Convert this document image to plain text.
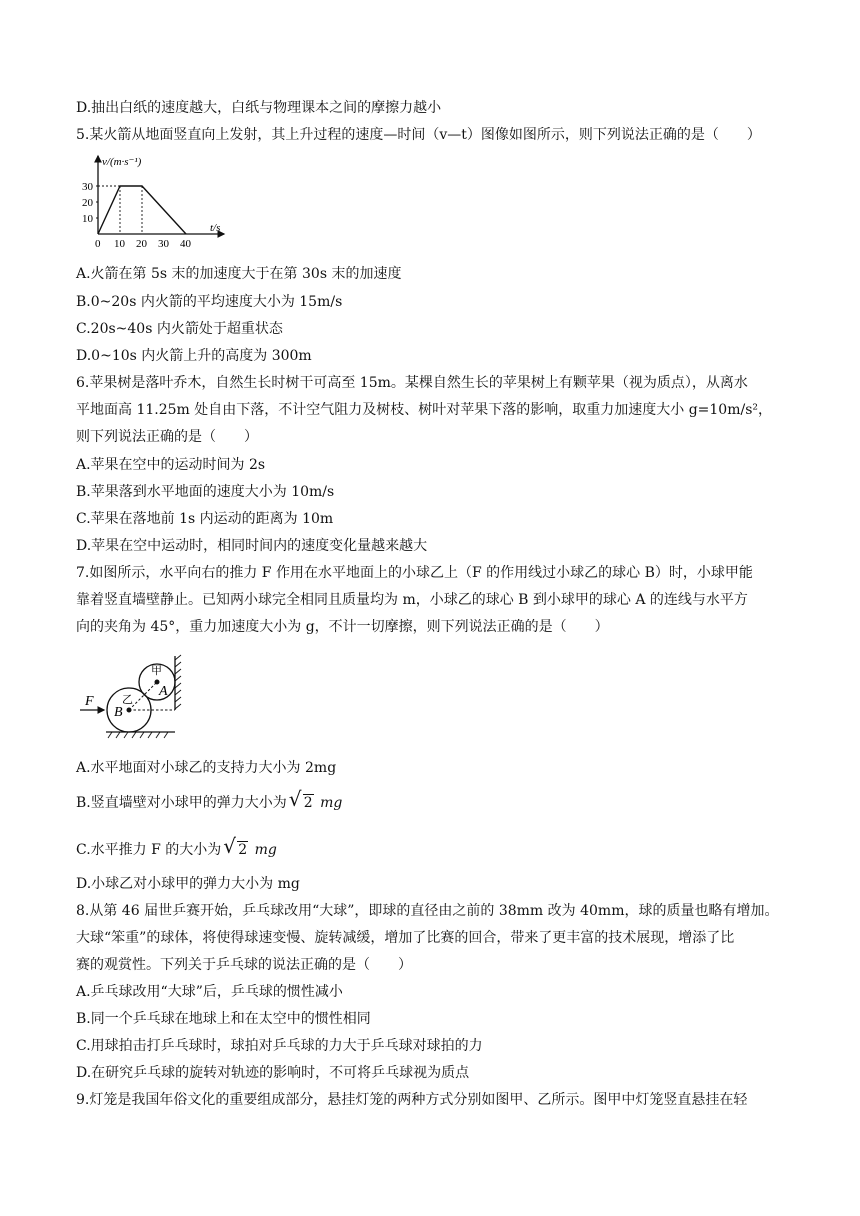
D.抽出白纸的速度越大，白纸与物理课本之间的摩擦力越小
5.某火箭从地面竖直向上发射，其上升过程的速度—时间（v—t）图像如图所示，则下列说法正确的是（　　）
v/(m·s⁻¹)
t/s
0 10 20 30 40
10
20
30
A.火箭在第 5s 末的加速度大于在第 30s 末的加速度
B.0~20s 内火箭的平均速度大小为 15m/s
C.20s~40s 内火箭处于超重状态
D.0~10s 内火箭上升的高度为 300m
6.苹果树是落叶乔木，自然生长时树干可高至 15m。某棵自然生长的苹果树上有颗苹果（视为质点），从离水
平地面高 11.25m 处自由下落，不计空气阻力及树枝、树叶对苹果下落的影响，取重力加速度大小 g=10m/s²，
则下列说法正确的是（　　）
A.苹果在空中的运动时间为 2s
B.苹果落到水平地面的速度大小为 10m/s
C.苹果在落地前 1s 内运动的距离为 10m
D.苹果在空中运动时，相同时间内的速度变化量越来越大
7.如图所示，水平向右的推力 F 作用在水平地面上的小球乙上（F 的作用线过小球乙的球心 B）时，小球甲能
靠着竖直墙壁静止。已知两小球完全相同且质量均为 m，小球乙的球心 B 到小球甲的球心 A 的连线与水平方
向的夹角为 45°，重力加速度大小为 g，不计一切摩擦，则下列说法正确的是（　　）
甲
乙
A
B
F
A.水平地面对小球乙的支持力大小为 2mg
B.竖直墙壁对小球甲的弹力大小为 √ 2 mg
C.水平推力 F 的大小为 √ 2 mg
D.小球乙对小球甲的弹力大小为 mg
8.从第 46 届世乒赛开始，乒乓球改用“大球”，即球的直径由之前的 38mm 改为 40mm，球的质量也略有增加。
大球“笨重”的球体，将使得球速变慢、旋转减缓，增加了比赛的回合，带来了更丰富的技术展现，增添了比
赛的观赏性。下列关于乒乓球的说法正确的是（　　）
A.乒乓球改用“大球”后，乒乓球的惯性减小
B.同一个乒乓球在地球上和在太空中的惯性相同
C.用球拍击打乒乓球时，球拍对乒乓球的力大于乒乓球对球拍的力
D.在研究乒乓球的旋转对轨迹的影响时，不可将乒乓球视为质点
9.灯笼是我国年俗文化的重要组成部分，悬挂灯笼的两种方式分别如图甲、乙所示。图甲中灯笼竖直悬挂在轻
